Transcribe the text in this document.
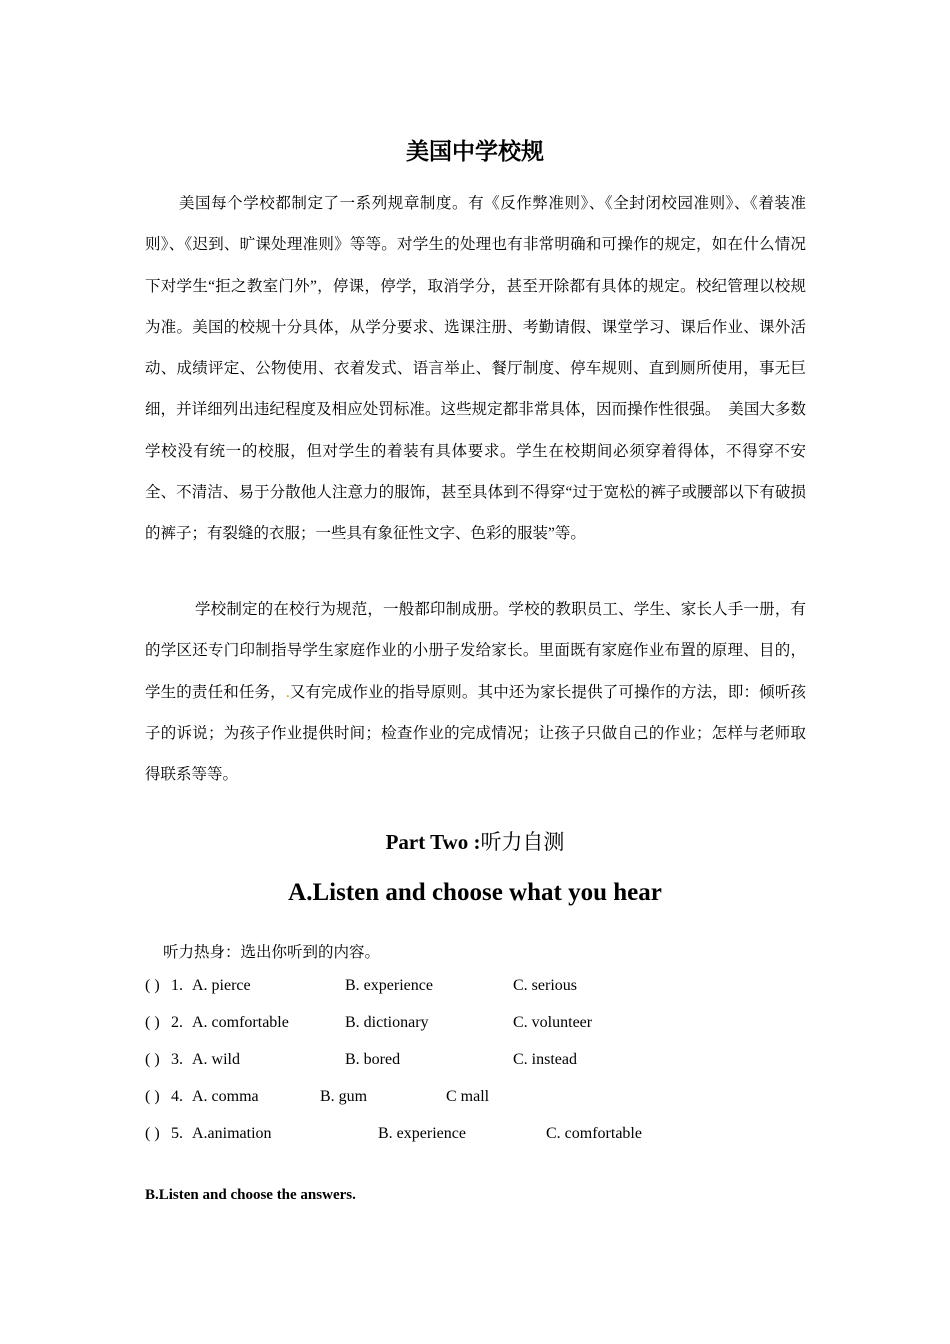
美国中学校规

美国每个学校都制定了一系列规章制度。有《反作弊准则》、《全封闭校园准则》、《着装准则》、《迟到、旷课处理准则》等等。对学生的处理也有非常明确和可操作的规定，如在什么情况下对学生“拒之教室门外”，停课，停学，取消学分，甚至开除都有具体的规定。校纪管理以校规为准。美国的校规十分具体，从学分要求、选课注册、考勤请假、课堂学习、课后作业、课外活动、成绩评定、公物使用、衣着发式、语言举止、餐厅制度、停车规则、直到厕所使用，事无巨细，并详细列出违纪程度及相应处罚标准。这些规定都非常具体，因而操作性很强。　美国大多数学校没有统一的校服，但对学生的着装有具体要求。学生在校期间必须穿着得体，不得穿不安全、不清洁、易于分散他人注意力的服饰，甚至具体到不得穿“过于宽松的裤子或腰部以下有破损的裤子；有裂缝的衣服；一些具有象征性文字、色彩的服装”等。

学校制定的在校行为规范，一般都印制成册。学校的教职员工、学生、家长人手一册，有的学区还专门印制指导学生家庭作业的小册子发给家长。里面既有家庭作业布置的原理、目的，学生的责任和任务，.又有完成作业的指导原则。其中还为家长提供了可操作的方法，即：倾听孩子的诉说；为孩子作业提供时间；检查作业的完成情况；让孩子只做自己的作业；怎样与老师取得联系等等。

Part Two :听力自测
A.Listen and choose what you hear
听力热身：选出你听到的内容。
( ) 1. A. pierce	B. experience	C. serious
( ) 2. A. comfortable	B. dictionary	C. volunteer
( ) 3. A. wild	B. bored	C. instead
( ) 4. A. comma	B. gum	C mall
( ) 5. A.animation	B. experience	C. comfortable
B.Listen and choose the answers.
